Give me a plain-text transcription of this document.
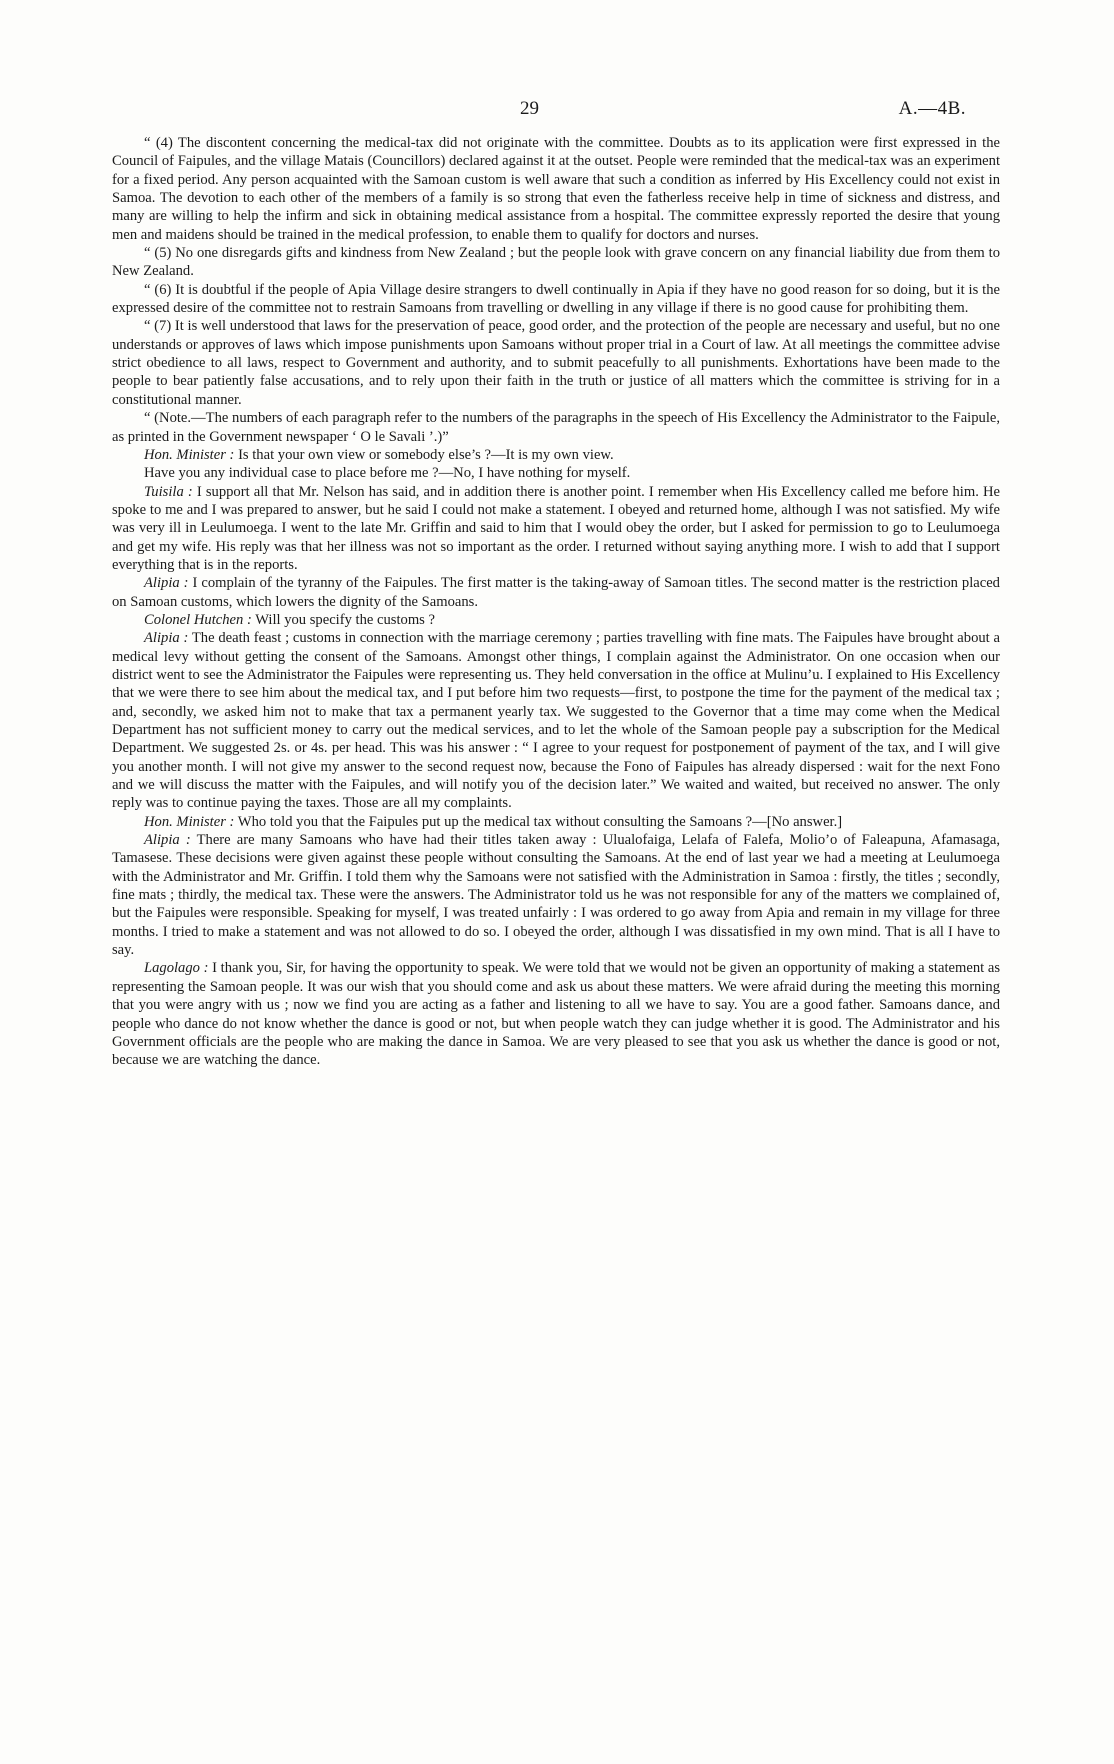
29	A.—4B.

“ (4) The discontent concerning the medical-tax did not originate with the committee. Doubts as to its application were first expressed in the Council of Faipules, and the village Matais (Councillors) declared against it at the outset. People were reminded that the medical-tax was an experiment for a fixed period. Any person acquainted with the Samoan custom is well aware that such a condition as inferred by His Excellency could not exist in Samoa. The devotion to each other of the members of a family is so strong that even the fatherless receive help in time of sickness and distress, and many are willing to help the infirm and sick in obtaining medical assistance from a hospital. The committee expressly reported the desire that young men and maidens should be trained in the medical profession, to enable them to qualify for doctors and nurses.

“ (5) No one disregards gifts and kindness from New Zealand ; but the people look with grave concern on any financial liability due from them to New Zealand.

“ (6) It is doubtful if the people of Apia Village desire strangers to dwell continually in Apia if they have no good reason for so doing, but it is the expressed desire of the committee not to restrain Samoans from travelling or dwelling in any village if there is no good cause for prohibiting them.

“ (7) It is well understood that laws for the preservation of peace, good order, and the protection of the people are necessary and useful, but no one understands or approves of laws which impose punishments upon Samoans without proper trial in a Court of law. At all meetings the committee advise strict obedience to all laws, respect to Government and authority, and to submit peacefully to all punishments. Exhortations have been made to the people to bear patiently false accusations, and to rely upon their faith in the truth or justice of all matters which the committee is striving for in a constitutional manner.

“ (Note.—The numbers of each paragraph refer to the numbers of the paragraphs in the speech of His Excellency the Administrator to the Faipule, as printed in the Government newspaper ‘ O le Savali ’.)”

Hon. Minister : Is that your own view or somebody else’s ?—It is my own view.

Have you any individual case to place before me ?—No, I have nothing for myself.

Tuisila : I support all that Mr. Nelson has said, and in addition there is another point. I remember when His Excellency called me before him. He spoke to me and I was prepared to answer, but he said I could not make a statement. I obeyed and returned home, although I was not satisfied. My wife was very ill in Leulumoega. I went to the late Mr. Griffin and said to him that I would obey the order, but I asked for permission to go to Leulumoega and get my wife. His reply was that her illness was not so important as the order. I returned without saying anything more. I wish to add that I support everything that is in the reports.

Alipia : I complain of the tyranny of the Faipules. The first matter is the taking-away of Samoan titles. The second matter is the restriction placed on Samoan customs, which lowers the dignity of the Samoans.

Colonel Hutchen : Will you specify the customs ?

Alipia : The death feast ; customs in connection with the marriage ceremony ; parties travelling with fine mats. The Faipules have brought about a medical levy without getting the consent of the Samoans. Amongst other things, I complain against the Administrator. On one occasion when our district went to see the Administrator the Faipules were representing us. They held conversation in the office at Mulinu’u. I explained to His Excellency that we were there to see him about the medical tax, and I put before him two requests—first, to postpone the time for the payment of the medical tax ; and, secondly, we asked him not to make that tax a permanent yearly tax. We suggested to the Governor that a time may come when the Medical Department has not sufficient money to carry out the medical services, and to let the whole of the Samoan people pay a subscription for the Medical Department. We suggested 2s. or 4s. per head. This was his answer : “ I agree to your request for postponement of payment of the tax, and I will give you another month. I will not give my answer to the second request now, because the Fono of Faipules has already dispersed : wait for the next Fono and we will discuss the matter with the Faipules, and will notify you of the decision later.” We waited and waited, but received no answer. The only reply was to continue paying the taxes. Those are all my complaints.

Hon. Minister : Who told you that the Faipules put up the medical tax without consulting the Samoans ?—[No answer.]

Alipia : There are many Samoans who have had their titles taken away : Ulualofaiga, Lelafa of Falefa, Molio’o of Faleapuna, Afamasaga, Tamasese. These decisions were given against these people without consulting the Samoans. At the end of last year we had a meeting at Leulumoega with the Administrator and Mr. Griffin. I told them why the Samoans were not satisfied with the Administration in Samoa : firstly, the titles ; secondly, fine mats ; thirdly, the medical tax. These were the answers. The Administrator told us he was not responsible for any of the matters we complained of, but the Faipules were responsible. Speaking for myself, I was treated unfairly : I was ordered to go away from Apia and remain in my village for three months. I tried to make a statement and was not allowed to do so. I obeyed the order, although I was dissatisfied in my own mind. That is all I have to say.

Lagolago : I thank you, Sir, for having the opportunity to speak. We were told that we would not be given an opportunity of making a statement as representing the Samoan people. It was our wish that you should come and ask us about these matters. We were afraid during the meeting this morning that you were angry with us ; now we find you are acting as a father and listening to all we have to say. You are a good father. Samoans dance, and people who dance do not know whether the dance is good or not, but when people watch they can judge whether it is good. The Administrator and his Government officials are the people who are making the dance in Samoa. We are very pleased to see that you ask us whether the dance is good or not, because we are watching the dance.
